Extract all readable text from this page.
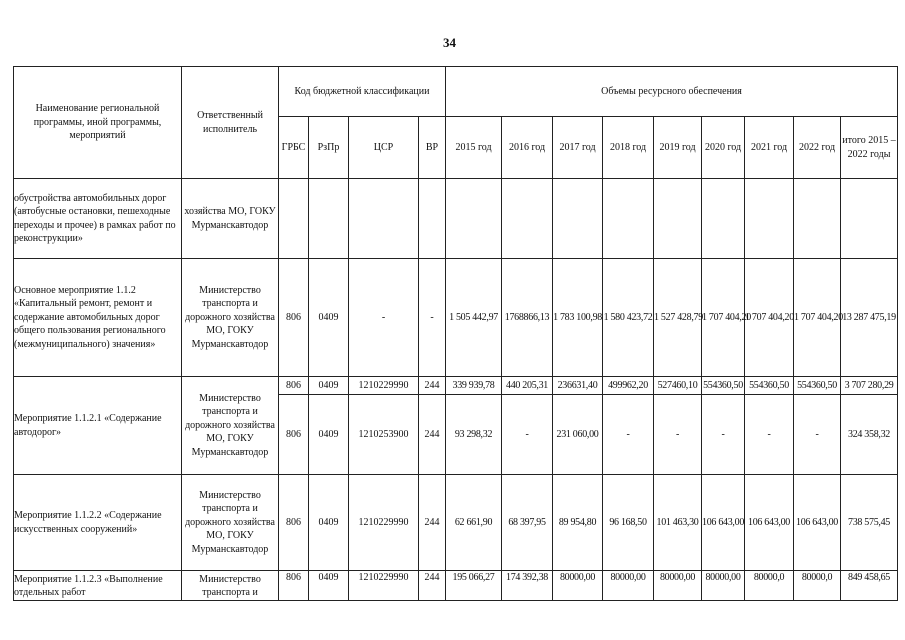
34
Наименование региональной программы, иной программы, мероприятий	Ответственный исполнитель	Код бюджетной классификации				Объемы ресурсного обеспечения								
		ГРБС	РзПр	ЦСР	ВР	2015 год	2016 год	2017 год	2018 год	2019 год	2020 год	2021 год	2022 год	итого 2015 – 2022 годы
обустройства автомобильных дорог (автобусные остановки, пешеходные переходы и прочее) в рамках работ по реконструкции»	хозяйства МО, ГОКУ Мурманскавтодор													
Основное мероприятие 1.1.2 «Капитальный ремонт, ремонт и содержание автомобильных дорог общего пользования регионального (межмуниципального) значения»	Министерство транспорта и дорожного хозяйства МО, ГОКУ Мурманскавтодор	806	0409	-	-	1 505 442,97	1768866,13	1 783 100,98	1 580 423,72	1 527 428,79	1 707 404,20	1 707 404,20	1 707 404,20	13 287 475,19
Мероприятие 1.1.2.1 «Содержание автодорог»	Министерство транспорта и дорожного хозяйства МО, ГОКУ Мурманскавтодор	806	0409	1210229990	244	339 939,78	440 205,31	236631,40	499962,20	527460,10	554360,50	554360,50	554360,50	3 707 280,29
		806	0409	1210253900	244	93 298,32	-	231 060,00	-	-	-	-	-	324 358,32
Мероприятие 1.1.2.2 «Содержание искусственных сооружений»	Министерство транспорта и дорожного хозяйства МО, ГОКУ Мурманскавтодор	806	0409	1210229990	244	62 661,90	68 397,95	89 954,80	96 168,50	101 463,30	106 643,00	106 643,00	106 643,00	738 575,45
Мероприятие 1.1.2.3 «Выполнение отдельных работ	Министерство транспорта и	806	0409	1210229990	244	195 066,27	174 392,38	80000,00	80000,00	80000,00	80000,00	80000,0	80000,0	849 458,65
